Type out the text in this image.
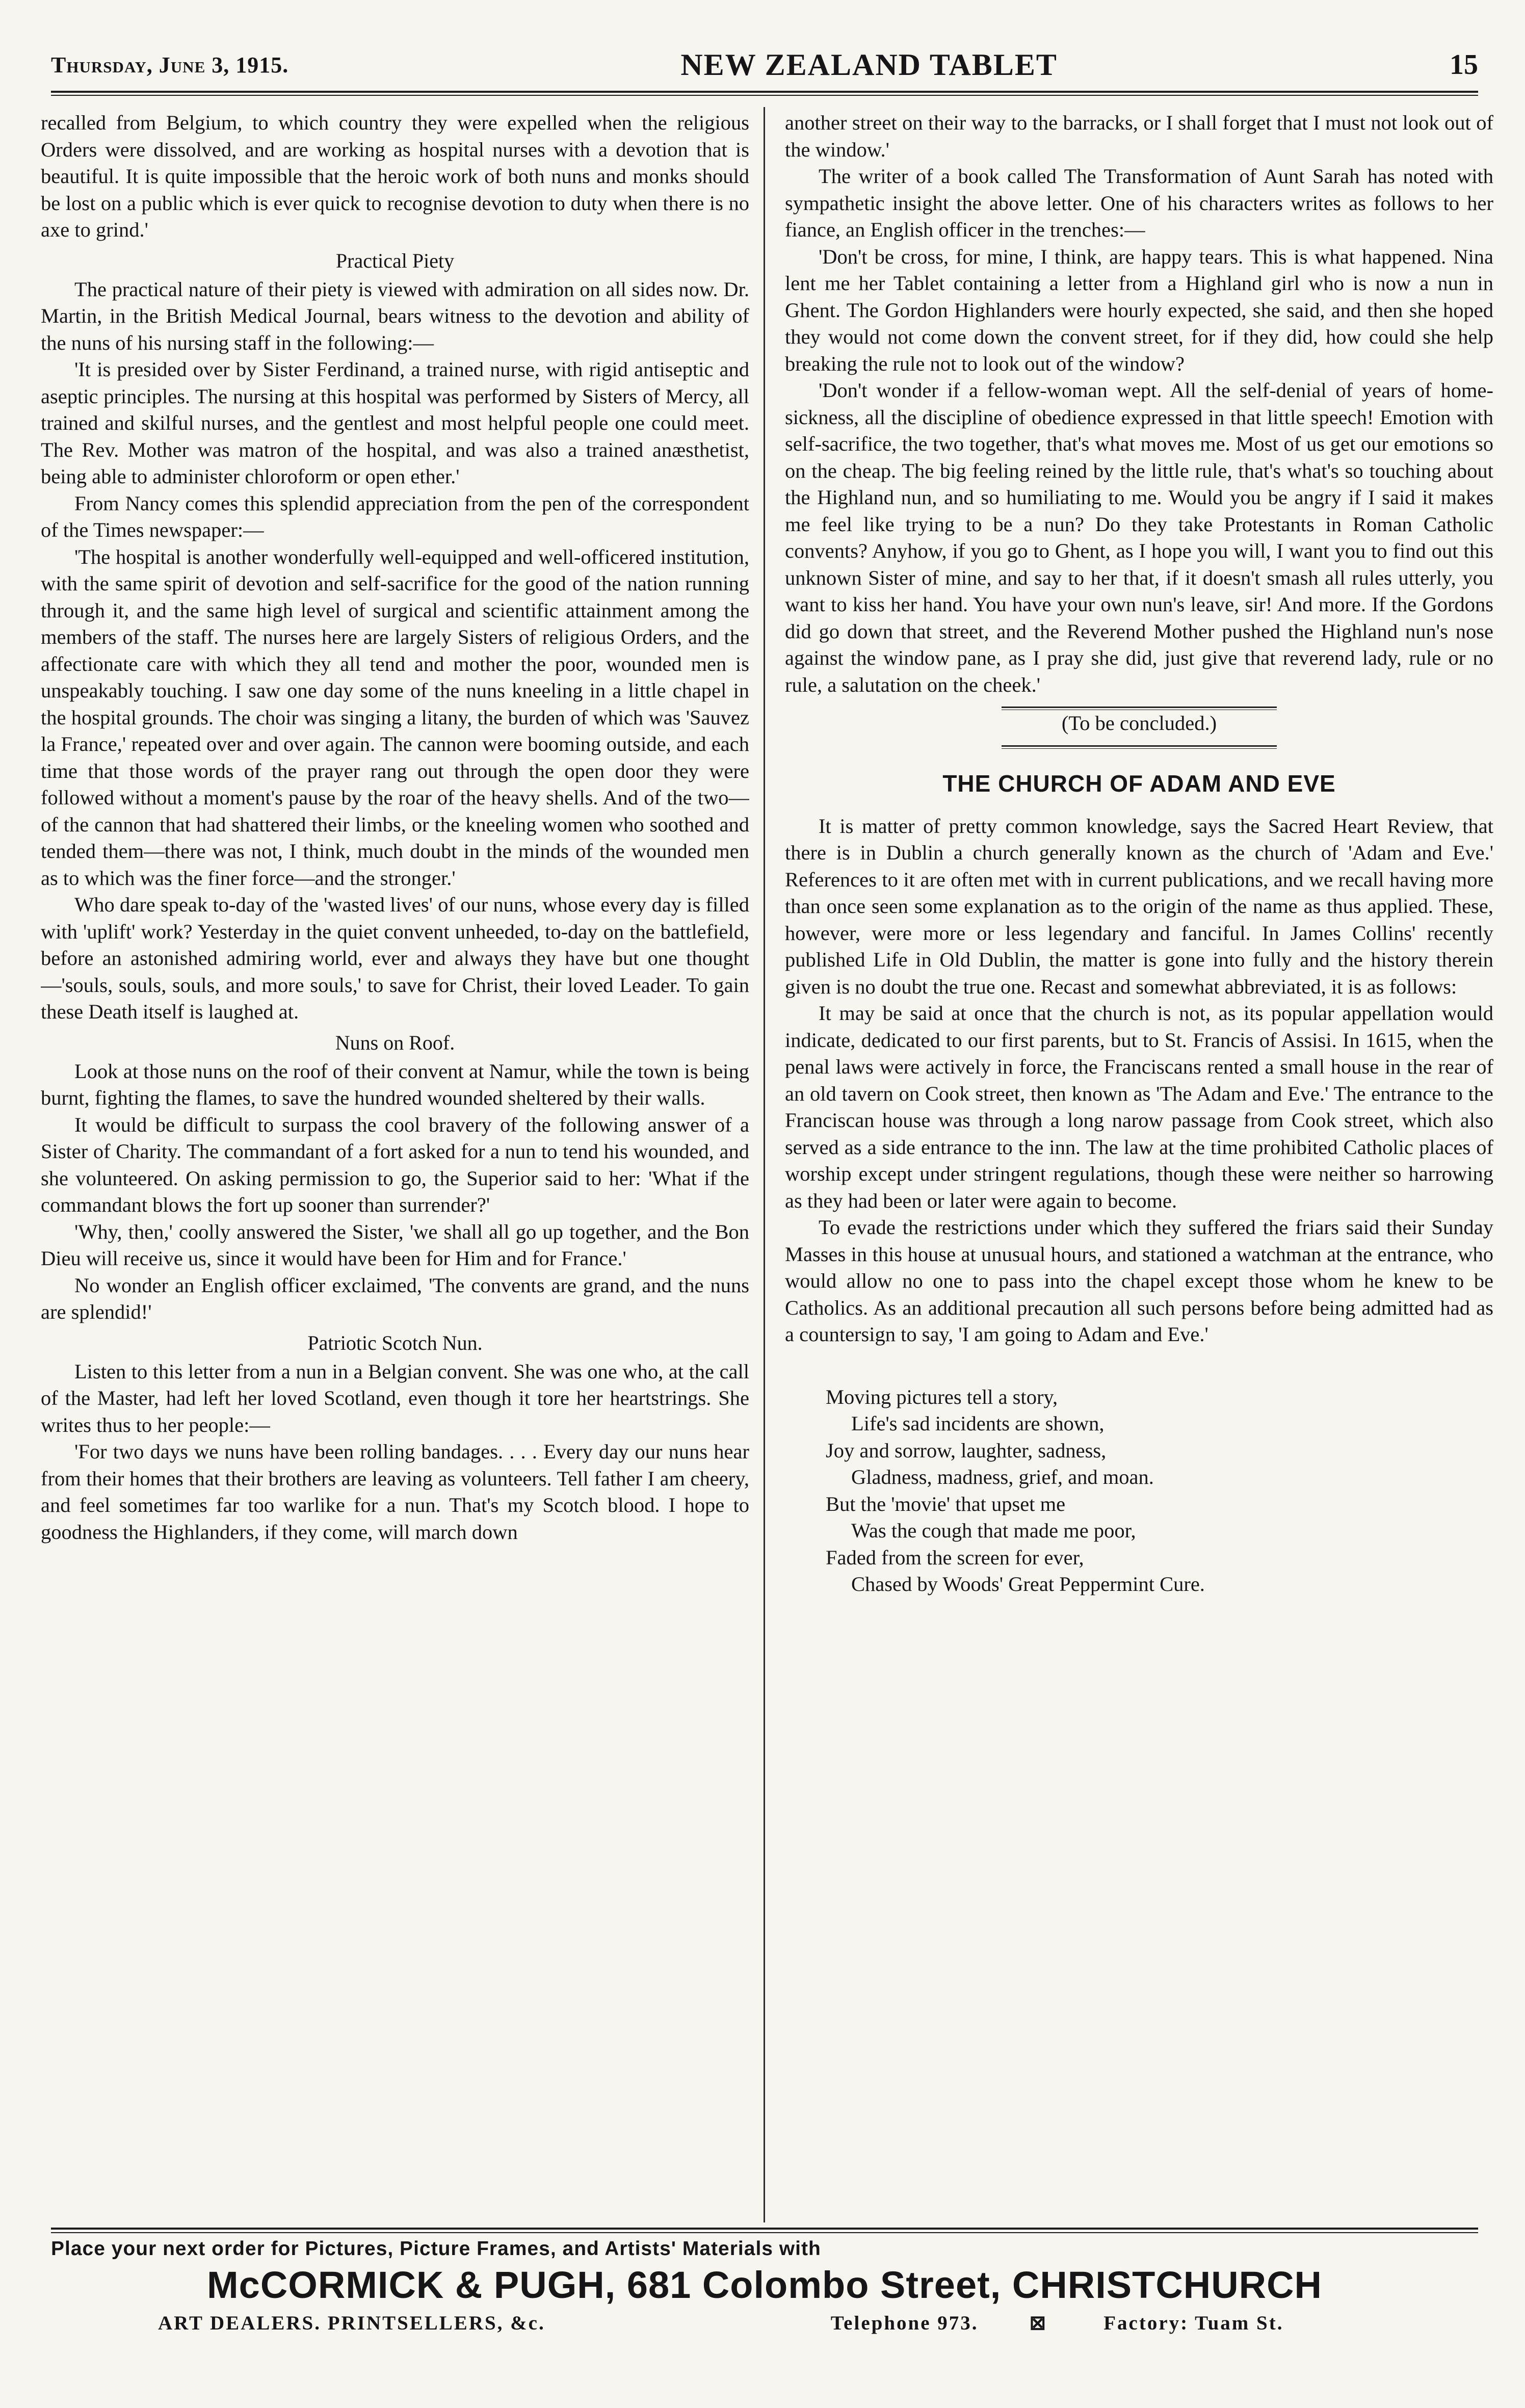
Thursday, June 3, 1915.	NEW ZEALAND TABLET	15

recalled from Belgium, to which country they were expelled when the religious Orders were dissolved, and are working as hospital nurses with a devotion that is beautiful. It is quite impossible that the heroic work of both nuns and monks should be lost on a public which is ever quick to recognise devotion to duty when there is no axe to grind.'

Practical Piety

The practical nature of their piety is viewed with admiration on all sides now. Dr. Martin, in the British Medical Journal, bears witness to the devotion and ability of the nuns of his nursing staff in the following:—

'It is presided over by Sister Ferdinand, a trained nurse, with rigid antiseptic and aseptic principles. The nursing at this hospital was performed by Sisters of Mercy, all trained and skilful nurses, and the gentlest and most helpful people one could meet. The Rev. Mother was matron of the hospital, and was also a trained anæsthetist, being able to administer chloroform or open ether.'

From Nancy comes this splendid appreciation from the pen of the correspondent of the Times newspaper:—

'The hospital is another wonderfully well-equipped and well-officered institution, with the same spirit of devotion and self-sacrifice for the good of the nation running through it, and the same high level of surgical and scientific attainment among the members of the staff. The nurses here are largely Sisters of religious Orders, and the affectionate care with which they all tend and mother the poor, wounded men is unspeakably touching. I saw one day some of the nuns kneeling in a little chapel in the hospital grounds. The choir was singing a litany, the burden of which was 'Sauvez la France,' repeated over and over again. The cannon were booming outside, and each time that those words of the prayer rang out through the open door they were followed without a moment's pause by the roar of the heavy shells. And of the two—of the cannon that had shattered their limbs, or the kneeling women who soothed and tended them—there was not, I think, much doubt in the minds of the wounded men as to which was the finer force—and the stronger.'

Who dare speak to-day of the 'wasted lives' of our nuns, whose every day is filled with 'uplift' work? Yesterday in the quiet convent unheeded, to-day on the battlefield, before an astonished admiring world, ever and always they have but one thought—'souls, souls, souls, and more souls,' to save for Christ, their loved Leader. To gain these Death itself is laughed at.

Nuns on Roof.

Look at those nuns on the roof of their convent at Namur, while the town is being burnt, fighting the flames, to save the hundred wounded sheltered by their walls.

It would be difficult to surpass the cool bravery of the following answer of a Sister of Charity. The commandant of a fort asked for a nun to tend his wounded, and she volunteered. On asking permission to go, the Superior said to her: 'What if the commandant blows the fort up sooner than surrender?'

'Why, then,' coolly answered the Sister, 'we shall all go up together, and the Bon Dieu will receive us, since it would have been for Him and for France.'

No wonder an English officer exclaimed, 'The convents are grand, and the nuns are splendid!'

Patriotic Scotch Nun.

Listen to this letter from a nun in a Belgian convent. She was one who, at the call of the Master, had left her loved Scotland, even though it tore her heartstrings. She writes thus to her people:—

'For two days we nuns have been rolling bandages. . . . Every day our nuns hear from their homes that their brothers are leaving as volunteers. Tell father I am cheery, and feel sometimes far too warlike for a nun. That's my Scotch blood. I hope to goodness the Highlanders, if they come, will march down

another street on their way to the barracks, or I shall forget that I must not look out of the window.'

The writer of a book called The Transformation of Aunt Sarah has noted with sympathetic insight the above letter. One of his characters writes as follows to her fiance, an English officer in the trenches:—

'Don't be cross, for mine, I think, are happy tears. This is what happened. Nina lent me her Tablet containing a letter from a Highland girl who is now a nun in Ghent. The Gordon Highlanders were hourly expected, she said, and then she hoped they would not come down the convent street, for if they did, how could she help breaking the rule not to look out of the window?

'Don't wonder if a fellow-woman wept. All the self-denial of years of home-sickness, all the discipline of obedience expressed in that little speech! Emotion with self-sacrifice, the two together, that's what moves me. Most of us get our emotions so on the cheap. The big feeling reined by the little rule, that's what's so touching about the Highland nun, and so humiliating to me. Would you be angry if I said it makes me feel like trying to be a nun? Do they take Protestants in Roman Catholic convents? Anyhow, if you go to Ghent, as I hope you will, I want you to find out this unknown Sister of mine, and say to her that, if it doesn't smash all rules utterly, you want to kiss her hand. You have your own nun's leave, sir! And more. If the Gordons did go down that street, and the Reverend Mother pushed the Highland nun's nose against the window pane, as I pray she did, just give that reverend lady, rule or no rule, a salutation on the cheek.'

(To be concluded.)

THE CHURCH OF ADAM AND EVE

It is matter of pretty common knowledge, says the Sacred Heart Review, that there is in Dublin a church generally known as the church of 'Adam and Eve.' References to it are often met with in current publications, and we recall having more than once seen some explanation as to the origin of the name as thus applied. These, however, were more or less legendary and fanciful. In James Collins' recently published Life in Old Dublin, the matter is gone into fully and the history therein given is no doubt the true one. Recast and somewhat abbreviated, it is as follows:

It may be said at once that the church is not, as its popular appellation would indicate, dedicated to our first parents, but to St. Francis of Assisi. In 1615, when the penal laws were actively in force, the Franciscans rented a small house in the rear of an old tavern on Cook street, then known as 'The Adam and Eve.' The entrance to the Franciscan house was through a long narow passage from Cook street, which also served as a side entrance to the inn. The law at the time prohibited Catholic places of worship except under stringent regulations, though these were neither so harrowing as they had been or later were again to become.

To evade the restrictions under which they suffered the friars said their Sunday Masses in this house at unusual hours, and stationed a watchman at the entrance, who would allow no one to pass into the chapel except those whom he knew to be Catholics. As an additional precaution all such persons before being admitted had as a countersign to say, 'I am going to Adam and Eve.'

Moving pictures tell a story,
Life's sad incidents are shown,
Joy and sorrow, laughter, sadness,
Gladness, madness, grief, and moan.
But the 'movie' that upset me
Was the cough that made me poor,
Faded from the screen for ever,
Chased by Woods' Great Peppermint Cure.
Place your next order for Pictures, Picture Frames, and Artists' Materials with
McCORMICK & PUGH, 681 Colombo Street, CHRISTCHURCH
ART DEALERS. PRINTSELLERS, &c.	Telephone 973.	⊠	Factory: Tuam St.
